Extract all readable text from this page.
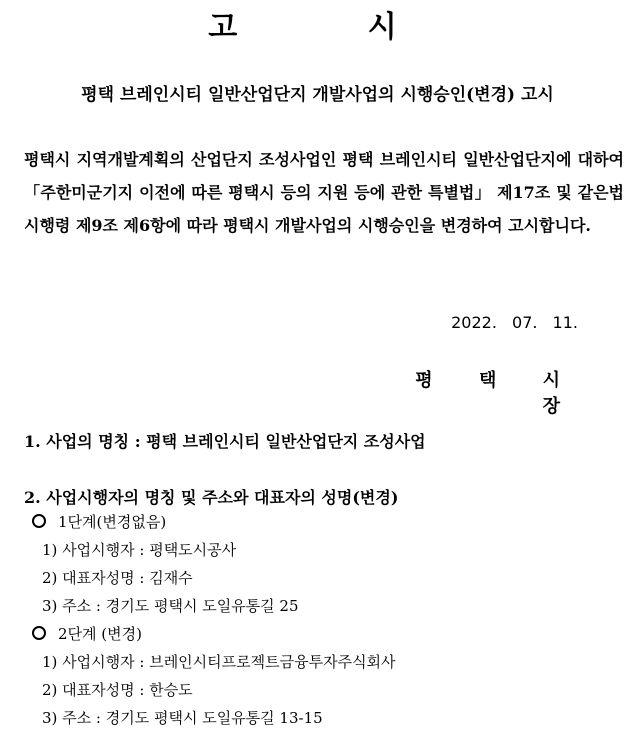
고 시
평택 브레인시티 일반산업단지 개발사업의 시행승인(변경) 고시

평택시 지역개발계획의 산업단지 조성사업인 평택 브레인시티 일반산업단지에 대하여 「주한미군기지 이전에 따른 평택시 등의 지원 등에 관한 특별법」 제17조 및 같은법 시행령 제9조 제6항에 따라 평택시 개발사업의 시행승인을 변경하여 고시합니다.

2022. 07. 11.

평 택 시 장

1. 사업의 명칭 : 평택 브레인시티 일반산업단지 조성사업

2. 사업시행자의 명칭 및 주소와 대표자의 성명(변경)

1단계(변경없음)
1) 사업시행자 : 평택도시공사
2) 대표자성명 : 김재수
3) 주소 : 경기도 평택시 도일유통길 25
2단계 (변경)
1) 사업시행자 : 브레인시티프로젝트금융투자주식회사
2) 대표자성명 : 한승도
3) 주소 : 경기도 평택시 도일유통길 13-15
